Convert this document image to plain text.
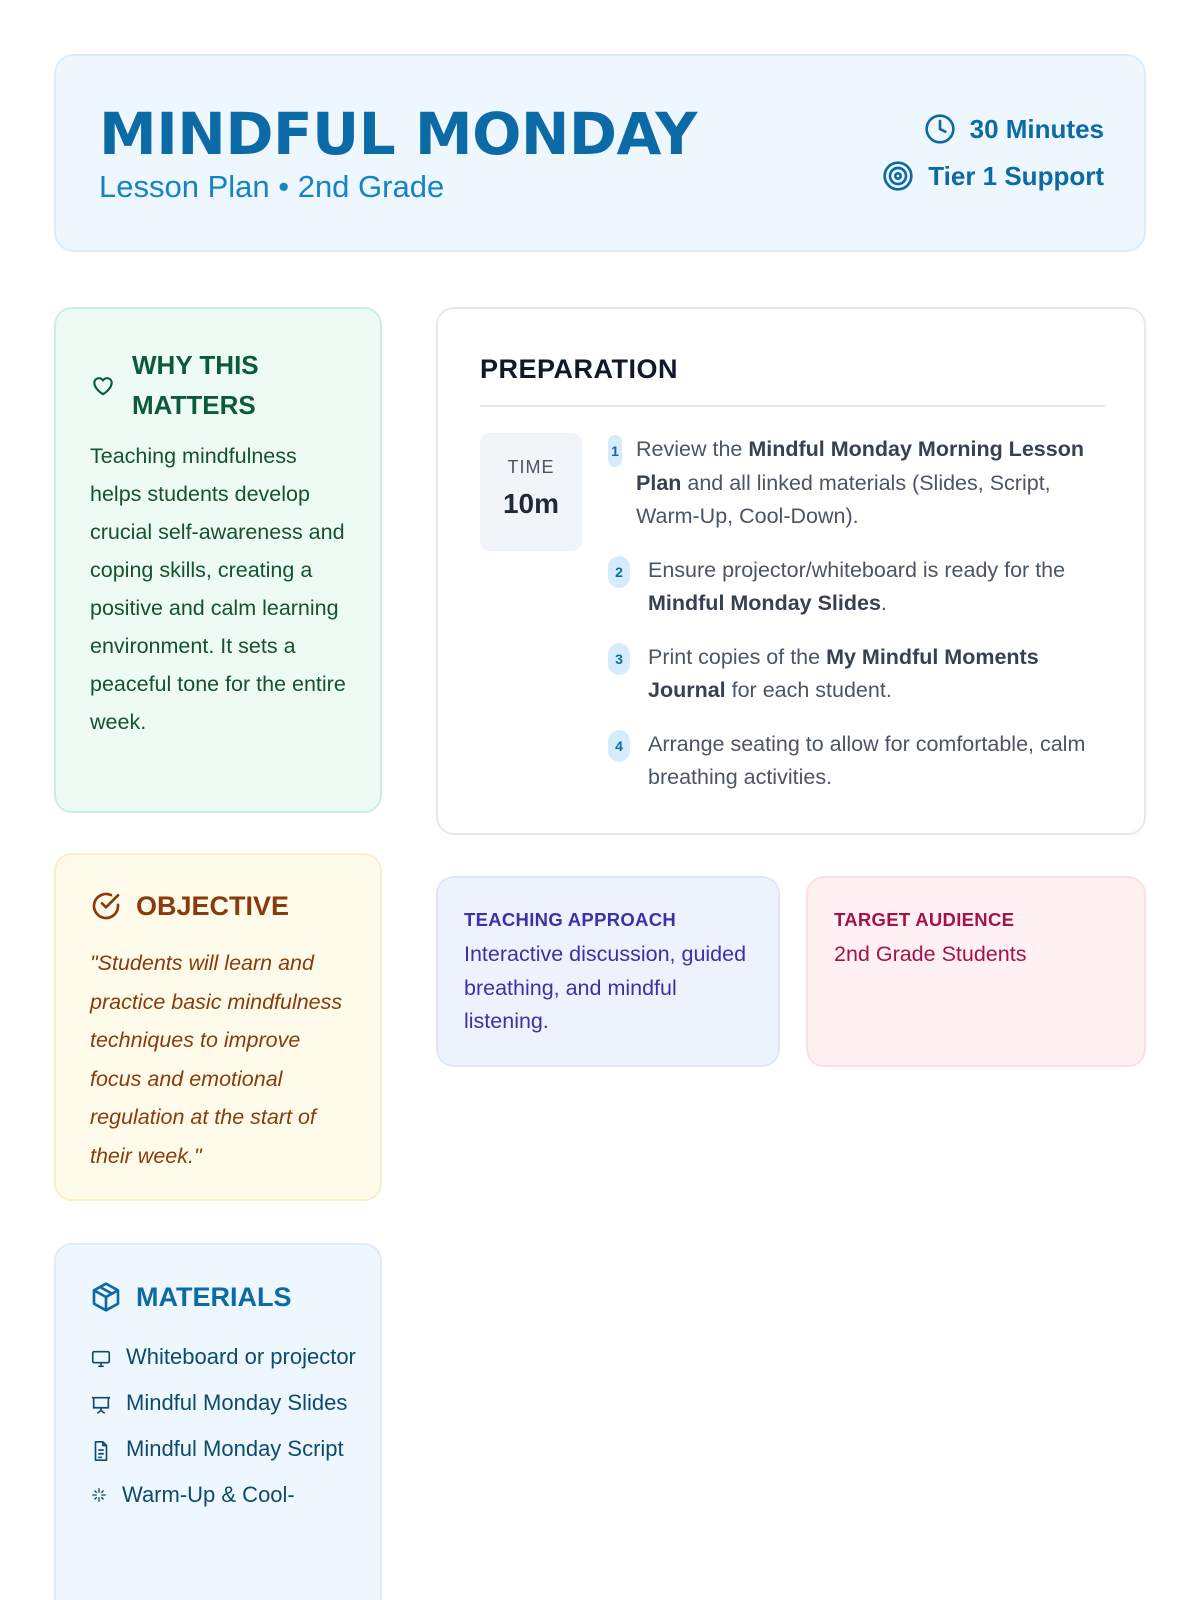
MINDFUL MONDAY
Lesson Plan • 2nd Grade
30 Minutes
Tier 1 Support
WHY THIS MATTERS
Teaching mindfulness helps students develop crucial self-awareness and coping skills, creating a positive and calm learning environment. It sets a peaceful tone for the entire week.
OBJECTIVE
"Students will learn and practice basic mindfulness techniques to improve focus and emotional regulation at the start of their week."
MATERIALS
Whiteboard or projector
Mindful Monday Slides
Mindful Monday Script
Warm-Up & Cool-
PREPARATION
TIME
10m
1 Review the Mindful Monday Morning Lesson Plan and all linked materials (Slides, Script, Warm-Up, Cool-Down).
2	Ensure projector/whiteboard is ready for the Mindful Monday Slides.
3	Print copies of the My Mindful Moments Journal for each student.
4	Arrange seating to allow for comfortable, calm breathing activities.
TEACHING APPROACH
Interactive discussion, guided breathing, and mindful listening.
TARGET AUDIENCE
2nd Grade Students
